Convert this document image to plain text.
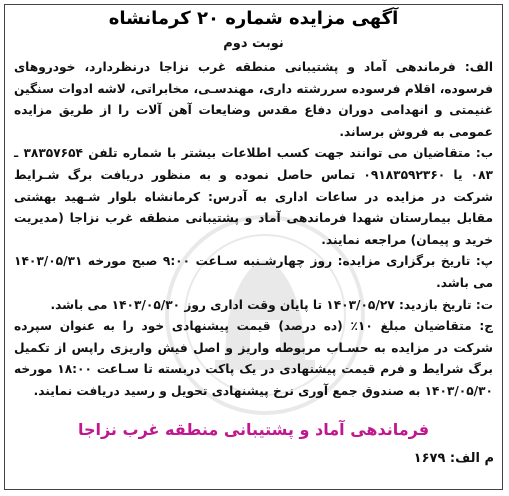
آگهی مزایده شماره ۲۰ کرمانشاه
نوبت دوم

الف: فرماندهی آماد و پشتیبانی منطقه غرب نزاجا درنظردارد، خودروهای فرسوده، اقلام فرسوده سررشته داری، مهندسـی، مخابراتی، لاشه ادوات سنگین غنیمتی و انهدامی دوران دفاع مقدس وضایعات آهن آلات را از طریق مزایده عمومی به فروش برساند.

ب: متقاضیان می توانند جهت کسب اطلاعات بیشتر با شماره تلفن ۳۸۳۵۷۶۵۴ ـ ۰۸۳ یا ۰۹۱۸۳۵۹۲۳۶۰ تماس حاصل نموده و به منظور دریافت برگ شـرایط شرکت در مزایده در ساعات اداری به آدرس: کرمانشاه بلوار شـهید بهشتی مقابل بیمارستان شهدا فرماندهی آماد و پشتیبانی منطقه غرب نزاجا (مدیریت خرید و پیمان) مراجعه نمایند.

پ: تاریخ برگزاری مزایده: روز چهارشـنبه سـاعت ۹:۰۰ صبح مورخه ۱۴۰۳/۰۵/۳۱ می باشد.

ت: تاریخ بازدید: ۱۴۰۳/۰۵/۲۷ تا پایان وقت اداری روز ۱۴۰۳/۰۵/۳۰ می باشد.

ج: متقاضیان مبلغ ۱۰٪ (ده درصد) قیمت پیشنهادی خود را به عنوان سپرده شرکت در مزایده به حسـاب مربوطه واریز و اصل فیش واریزی راپس از تکمیل برگ شرایط و فرم قیمت پیشنهادی در یک پاکت دربسته تا سـاعت ۱۸:۰۰ مورخه ۱۴۰۳/۰۵/۳۰ به صندوق جمع آوری نرخ پیشنهادی تحویل و رسید دریافت نمایند.

فرماندهی آماد و پشتیبانی منطقه غرب نزاجا
م الف: ۱۶۷۹
